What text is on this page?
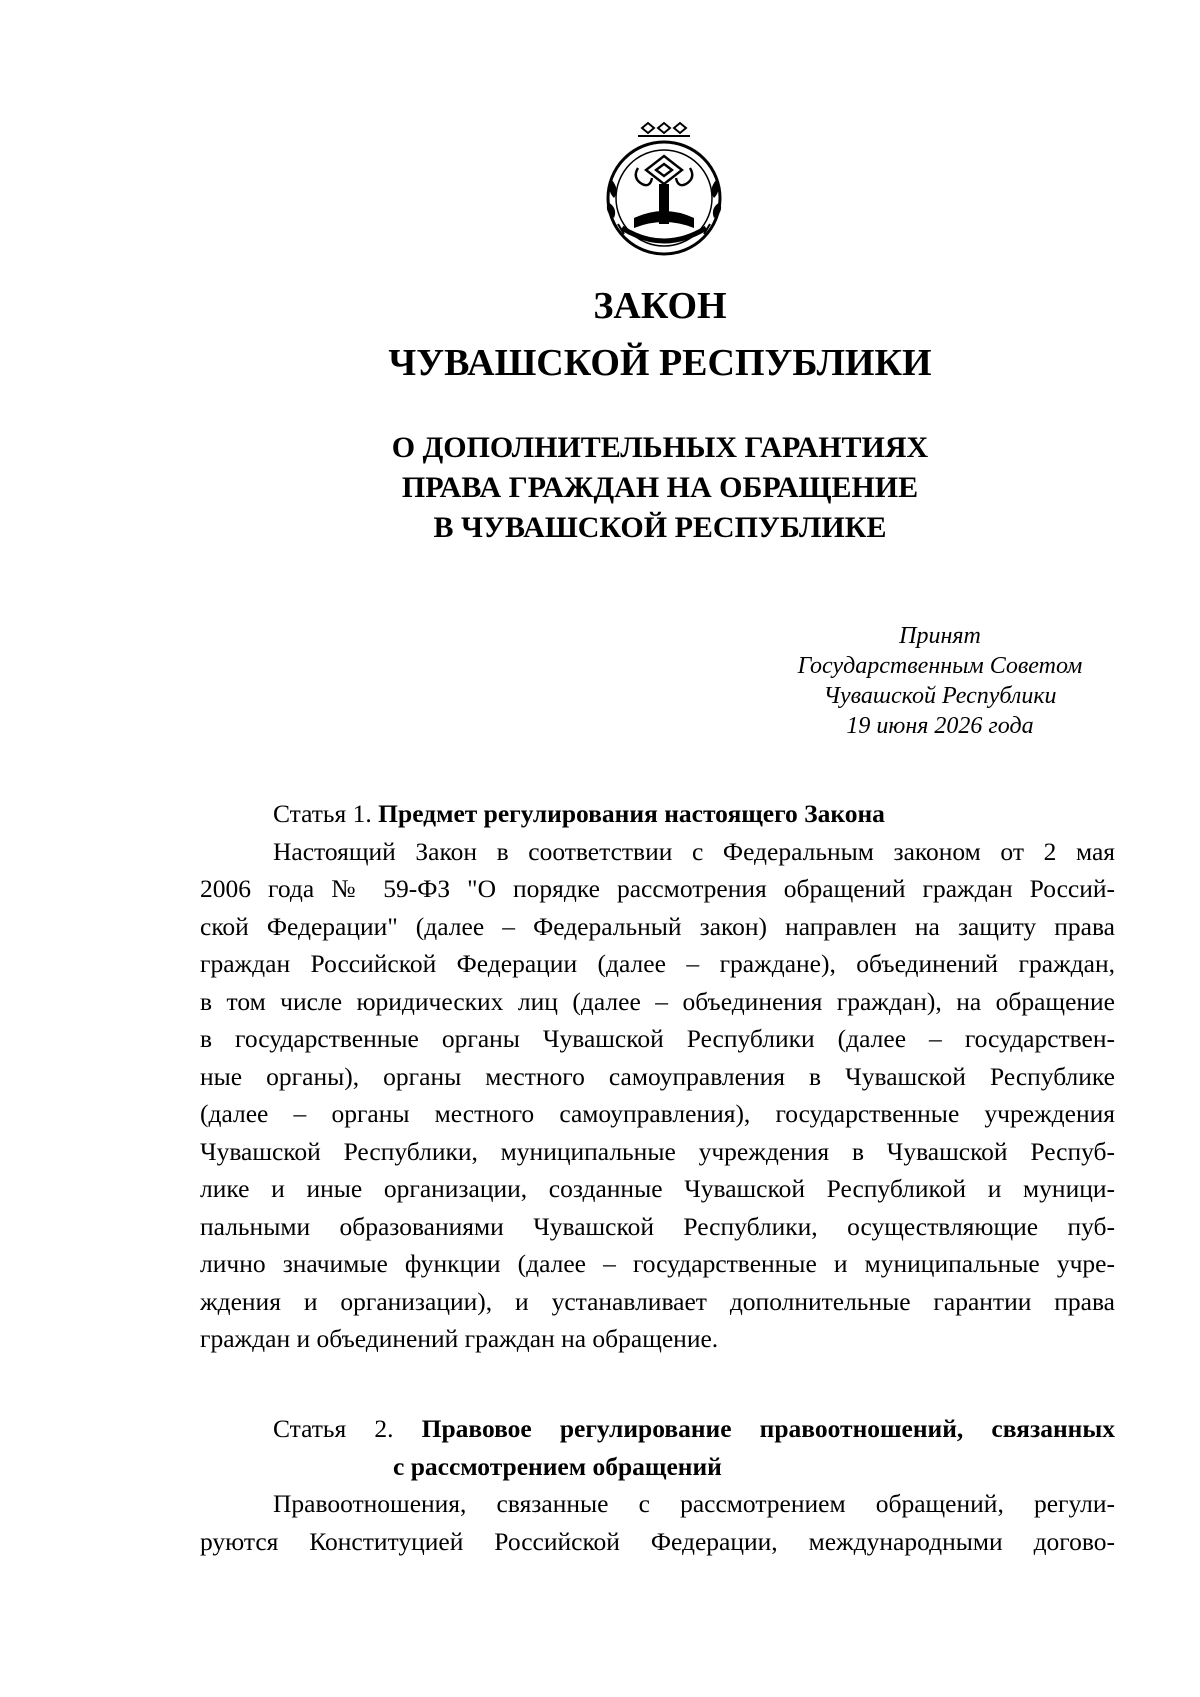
ЗАКОН
ЧУВАШСКОЙ РЕСПУБЛИКИ
О ДОПОЛНИТЕЛЬНЫХ ГАРАНТИЯХ
ПРАВА ГРАЖДАН НА ОБРАЩЕНИЕ
В ЧУВАШСКОЙ РЕСПУБЛИКЕ
Принят
Государственным Советом
Чувашской Республики
19 июня 2026 года
Статья 1. Предмет регулирования настоящего Закона
Настоящий Закон в соответствии с Федеральным законом от 2 мая
2006 года № 59-ФЗ "О порядке рассмотрения обращений граждан Россий-
ской Федерации" (далее – Федеральный закон) направлен на защиту права
граждан Российской Федерации (далее – граждане), объединений граждан,
в том числе юридических лиц (далее – объединения граждан), на обращение
в государственные органы Чувашской Республики (далее – государствен-
ные органы), органы местного самоуправления в Чувашской Республике
(далее – органы местного самоуправления), государственные учреждения
Чувашской Республики, муниципальные учреждения в Чувашской Респуб-
лике и иные организации, созданные Чувашской Республикой и муници-
пальными образованиями Чувашской Республики, осуществляющие пуб-
лично значимые функции (далее – государственные и муниципальные учре-
ждения и организации), и устанавливает дополнительные гарантии права
граждан и объединений граждан на обращение.
Статья 2. Правовое регулирование правоотношений, связанных
с рассмотрением обращений
Правоотношения, связанные с рассмотрением обращений, регули-
руются Конституцией Российской Федерации, международными догово-
